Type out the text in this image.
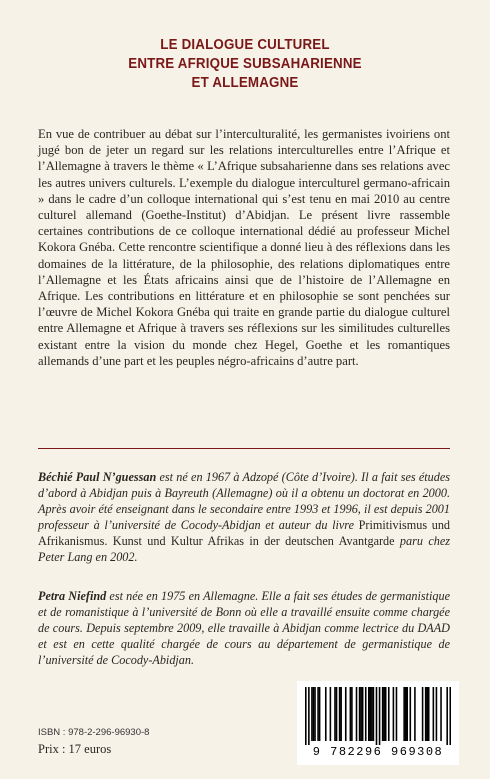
LE DIALOGUE CULTUREL
ENTRE AFRIQUE SUBSAHARIENNE
ET ALLEMAGNE

En vue de contribuer au débat sur l’interculturalité, les germanistes ivoiriens ont jugé bon de jeter un regard sur les relations interculturelles entre l’Afrique et l’Allemagne à travers le thème « L’Afrique subsaharienne dans ses relations avec les autres univers culturels. L’exemple du dialogue interculturel germano-africain » dans le cadre d’un colloque international qui s’est tenu en mai 2010 au centre culturel allemand (Goethe-Institut) d’Abidjan. Le présent livre rassemble certaines contributions de ce colloque international dédié au professeur Michel Kokora Gnéba. Cette rencontre scientifique a donné lieu à des réflexions dans les domaines de la littérature, de la philosophie, des relations diplomatiques entre l’Allemagne et les États africains ainsi que de l’histoire de l’Allemagne en Afrique. Les contributions en littérature et en philosophie se sont penchées sur l’œuvre de Michel Kokora Gnéba qui traite en grande partie du dialogue culturel entre Allemagne et Afrique à travers ses réflexions sur les similitudes culturelles existant entre la vision du monde chez Hegel, Goethe et les romantiques allemands d’une part et les peuples négro-africains d’autre part.

Béchié Paul N’guessan est né en 1967 à Adzopé (Côte d’Ivoire). Il a fait ses études d’abord à Abidjan puis à Bayreuth (Allemagne) où il a obtenu un doctorat en 2000. Après avoir été enseignant dans le secondaire entre 1993 et 1996, il est depuis 2001 professeur à l’université de Cocody-Abidjan et auteur du livre Primitivismus und Afrikanismus. Kunst und Kultur Afrikas in der deutschen Avantgarde paru chez Peter Lang en 2002.

Petra Niefind est née en 1975 en Allemagne. Elle a fait ses études de germanistique et de romanistique à l’université de Bonn où elle a travaillé ensuite comme chargée de cours. Depuis septembre 2009, elle travaille à Abidjan comme lectrice du DAAD et est en cette qualité chargée de cours au département de germanistique de l’université de Cocody-Abidjan.

ISBN : 978-2-296-96930-8
Prix : 17 euros	9 782296 969308
